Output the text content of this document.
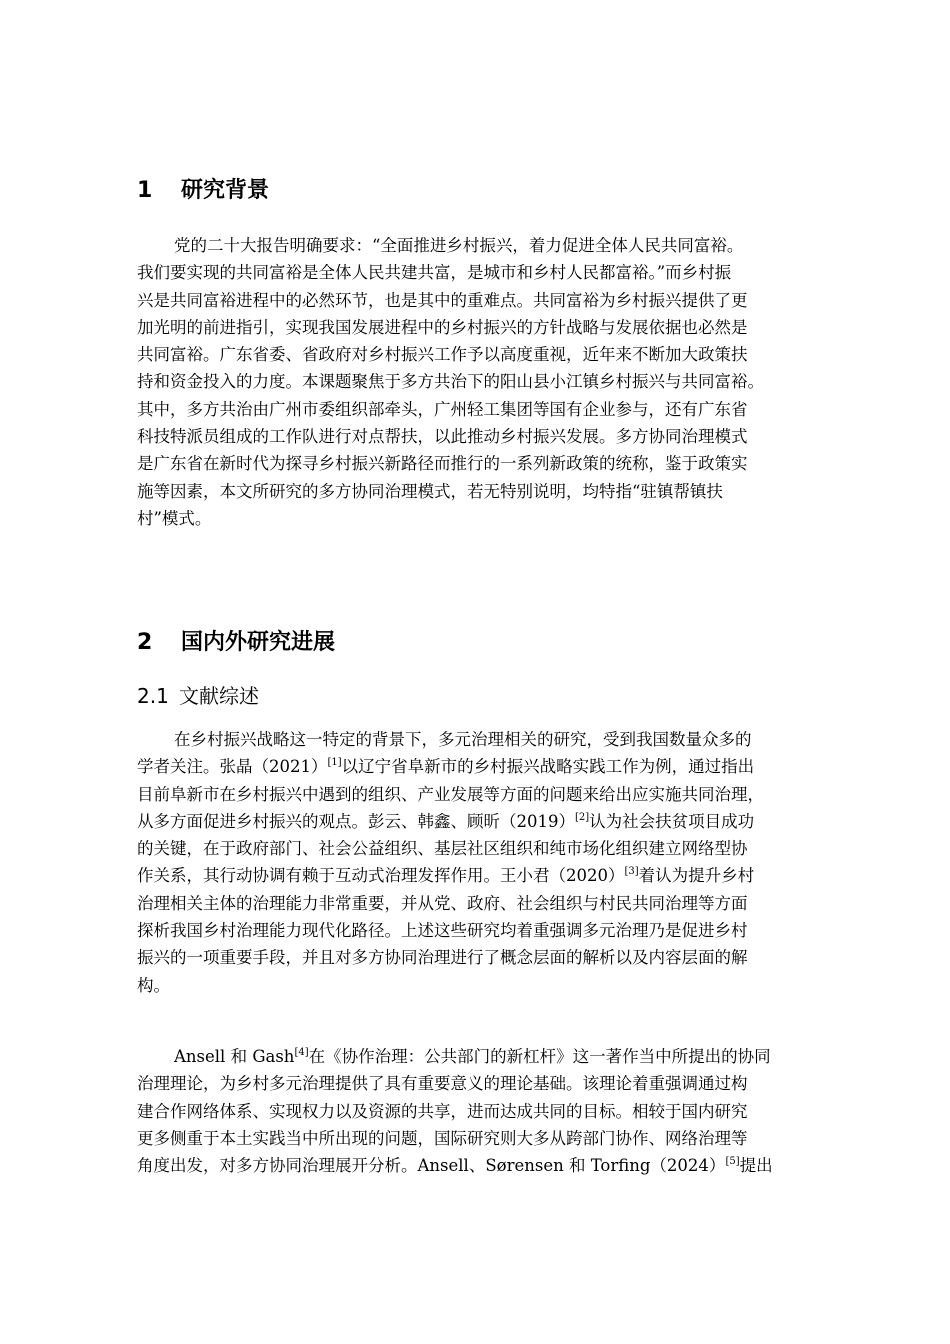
1 研究背景
党的二十大报告明确要求：“全面推进乡村振兴，着力促进全体人民共同富裕。
我们要实现的共同富裕是全体人民共建共富，是城市和乡村人民都富裕。”而乡村振
兴是共同富裕进程中的必然环节，也是其中的重难点。共同富裕为乡村振兴提供了更
加光明的前进指引，实现我国发展进程中的乡村振兴的方针战略与发展依据也必然是
共同富裕。广东省委、省政府对乡村振兴工作予以高度重视，近年来不断加大政策扶
持和资金投入的力度。本课题聚焦于多方共治下的阳山县小江镇乡村振兴与共同富裕。
其中，多方共治由广州市委组织部牵头，广州轻工集团等国有企业参与，还有广东省
科技特派员组成的工作队进行对点帮扶，以此推动乡村振兴发展。多方协同治理模式
是广东省在新时代为探寻乡村振兴新路径而推行的一系列新政策的统称，鉴于政策实
施等因素，本文所研究的多方协同治理模式，若无特别说明，均特指“驻镇帮镇扶
村”模式。
2 国内外研究进展
2.1 文献综述
在乡村振兴战略这一特定的背景下，多元治理相关的研究，受到我国数量众多的
学者关注。张晶（2021）[1]以辽宁省阜新市的乡村振兴战略实践工作为例，通过指出
目前阜新市在乡村振兴中遇到的组织、产业发展等方面的问题来给出应实施共同治理，
从多方面促进乡村振兴的观点。彭云、韩鑫、顾昕（2019）[2]认为社会扶贫项目成功
的关键，在于政府部门、社会公益组织、基层社区组织和纯市场化组织建立网络型协
作关系，其行动协调有赖于互动式治理发挥作用。王小君（2020）[3]着认为提升乡村
治理相关主体的治理能力非常重要，并从党、政府、社会组织与村民共同治理等方面
探析我国乡村治理能力现代化路径。上述这些研究均着重强调多元治理乃是促进乡村
振兴的一项重要手段，并且对多方协同治理进行了概念层面的解析以及内容层面的解
构。
Ansell 和 Gash[4]在《协作治理：公共部门的新杠杆》这一著作当中所提出的协同
治理理论，为乡村多元治理提供了具有重要意义的理论基础。该理论着重强调通过构
建合作网络体系、实现权力以及资源的共享，进而达成共同的目标。相较于国内研究
更多侧重于本土实践当中所出现的问题，国际研究则大多从跨部门协作、网络治理等
角度出发，对多方协同治理展开分析。Ansell、Sørensen 和 Torfing（2024）[5]提出
